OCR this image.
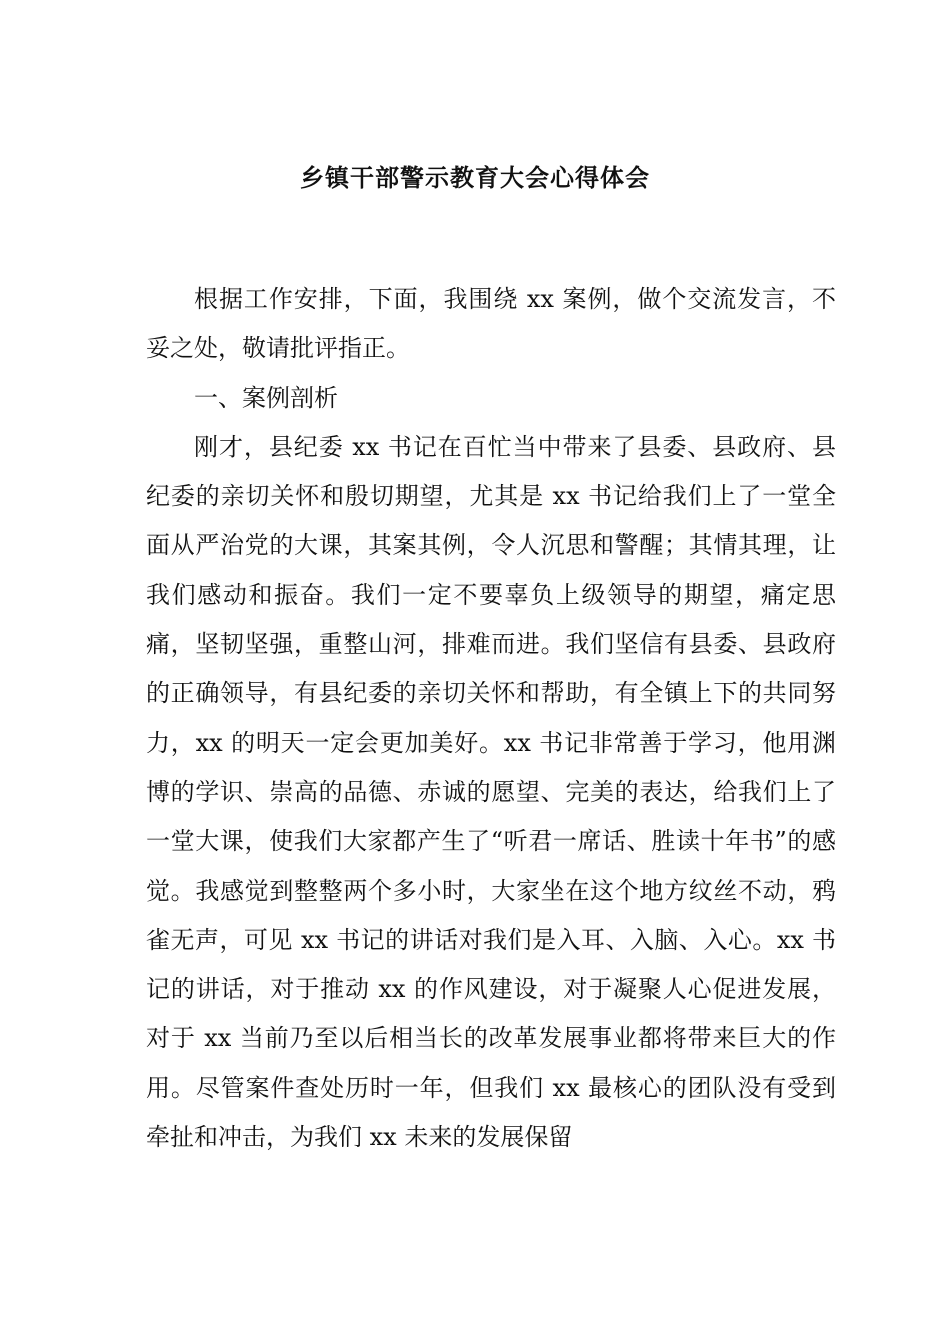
乡镇干部警示教育大会心得体会

根据工作安排，下面，我围绕 xx 案例，做个交流发言，不妥之处，敬请批评指正。

一、案例剖析

刚才，县纪委 xx 书记在百忙当中带来了县委、县政府、县纪委的亲切关怀和殷切期望，尤其是 xx 书记给我们上了一堂全面从严治党的大课，其案其例，令人沉思和警醒；其情其理，让我们感动和振奋。我们一定不要辜负上级领导的期望，痛定思痛，坚韧坚强，重整山河，排难而进。我们坚信有县委、县政府的正确领导，有县纪委的亲切关怀和帮助，有全镇上下的共同努力，xx 的明天一定会更加美好。xx 书记非常善于学习，他用渊博的学识、崇高的品德、赤诚的愿望、完美的表达，给我们上了一堂大课，使我们大家都产生了“听君一席话、胜读十年书”的感觉。我感觉到整整两个多小时，大家坐在这个地方纹丝不动，鸦雀无声，可见 xx 书记的讲话对我们是入耳、入脑、入心。xx 书记的讲话，对于推动 xx 的作风建设，对于凝聚人心促进发展，对于 xx 当前乃至以后相当长的改革发展事业都将带来巨大的作用。尽管案件查处历时一年，但我们 xx 最核心的团队没有受到牵扯和冲击，为我们 xx 未来的发展保留
